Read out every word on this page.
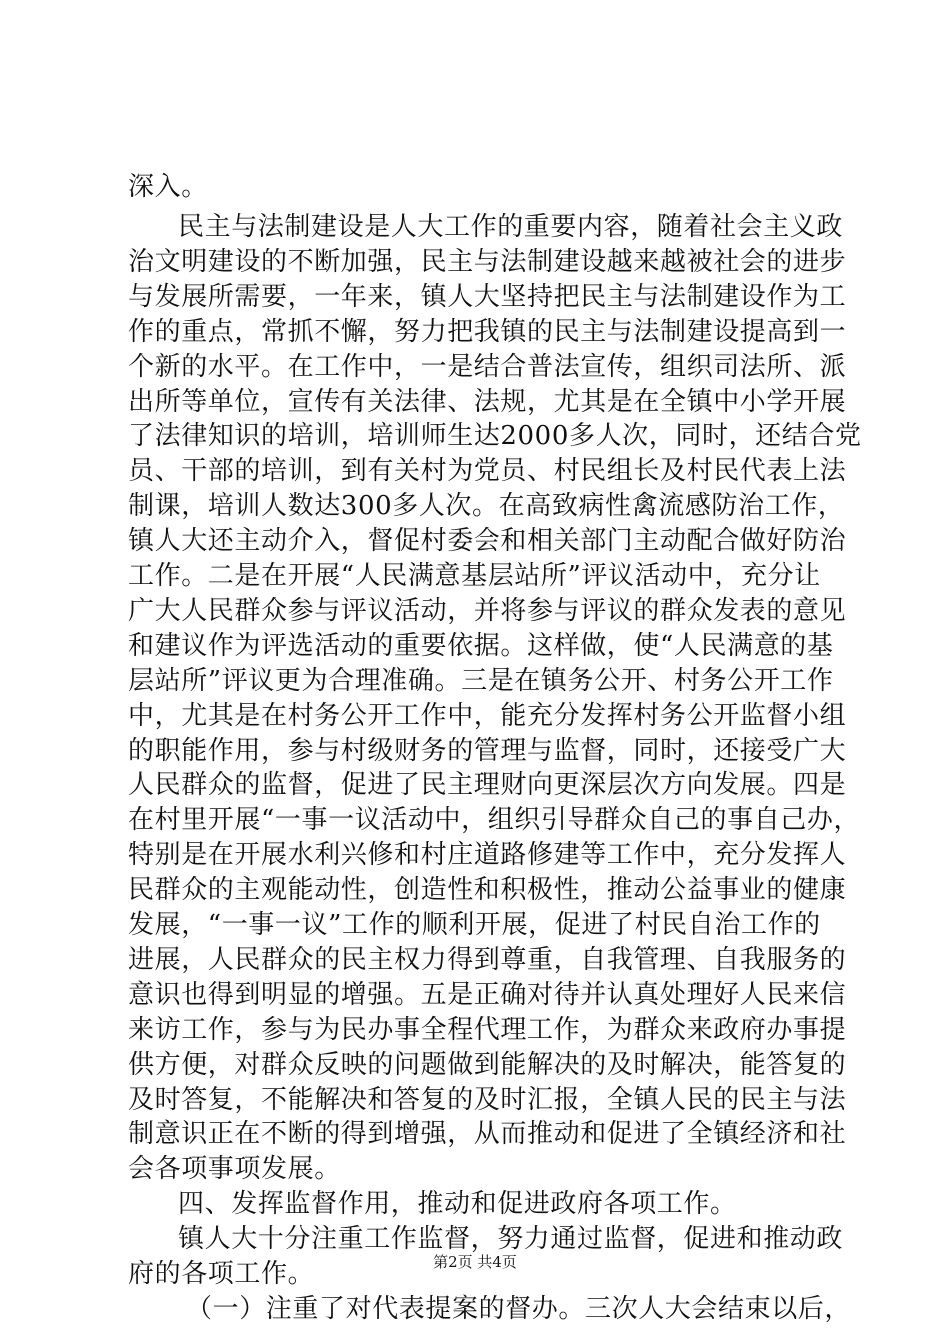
深入。
民主与法制建设是人大工作的重要内容，随着社会主义政
治文明建设的不断加强，民主与法制建设越来越被社会的进步
与发展所需要，一年来，镇人大坚持把民主与法制建设作为工
作的重点，常抓不懈，努力把我镇的民主与法制建设提高到一
个新的水平。在工作中，一是结合普法宣传，组织司法所、派
出所等单位，宣传有关法律、法规，尤其是在全镇中小学开展
了法律知识的培训，培训师生达2000多人次，同时，还结合党
员、干部的培训，到有关村为党员、村民组长及村民代表上法
制课，培训人数达300多人次。在高致病性禽流感防治工作，
镇人大还主动介入，督促村委会和相关部门主动配合做好防治
工作。二是在开展“人民满意基层站所”评议活动中，充分让
广大人民群众参与评议活动，并将参与评议的群众发表的意见
和建议作为评选活动的重要依据。这样做，使“人民满意的基
层站所”评议更为合理准确。三是在镇务公开、村务公开工作
中，尤其是在村务公开工作中，能充分发挥村务公开监督小组
的职能作用，参与村级财务的管理与监督，同时，还接受广大
人民群众的监督，促进了民主理财向更深层次方向发展。四是
在村里开展“一事一议活动中，组织引导群众自己的事自己办，
特别是在开展水利兴修和村庄道路修建等工作中，充分发挥人
民群众的主观能动性，创造性和积极性，推动公益事业的健康
发展，“一事一议”工作的顺利开展，促进了村民自治工作的
进展，人民群众的民主权力得到尊重，自我管理、自我服务的
意识也得到明显的增强。五是正确对待并认真处理好人民来信
来访工作，参与为民办事全程代理工作，为群众来政府办事提
供方便，对群众反映的问题做到能解决的及时解决，能答复的
及时答复，不能解决和答复的及时汇报，全镇人民的民主与法
制意识正在不断的得到增强，从而推动和促进了全镇经济和社
会各项事项发展。
四、发挥监督作用，推动和促进政府各项工作。
镇人大十分注重工作监督，努力通过监督，促进和推动政
府的各项工作。
（一）注重了对代表提案的督办。三次人大会结束以后，
第2页 共4页
